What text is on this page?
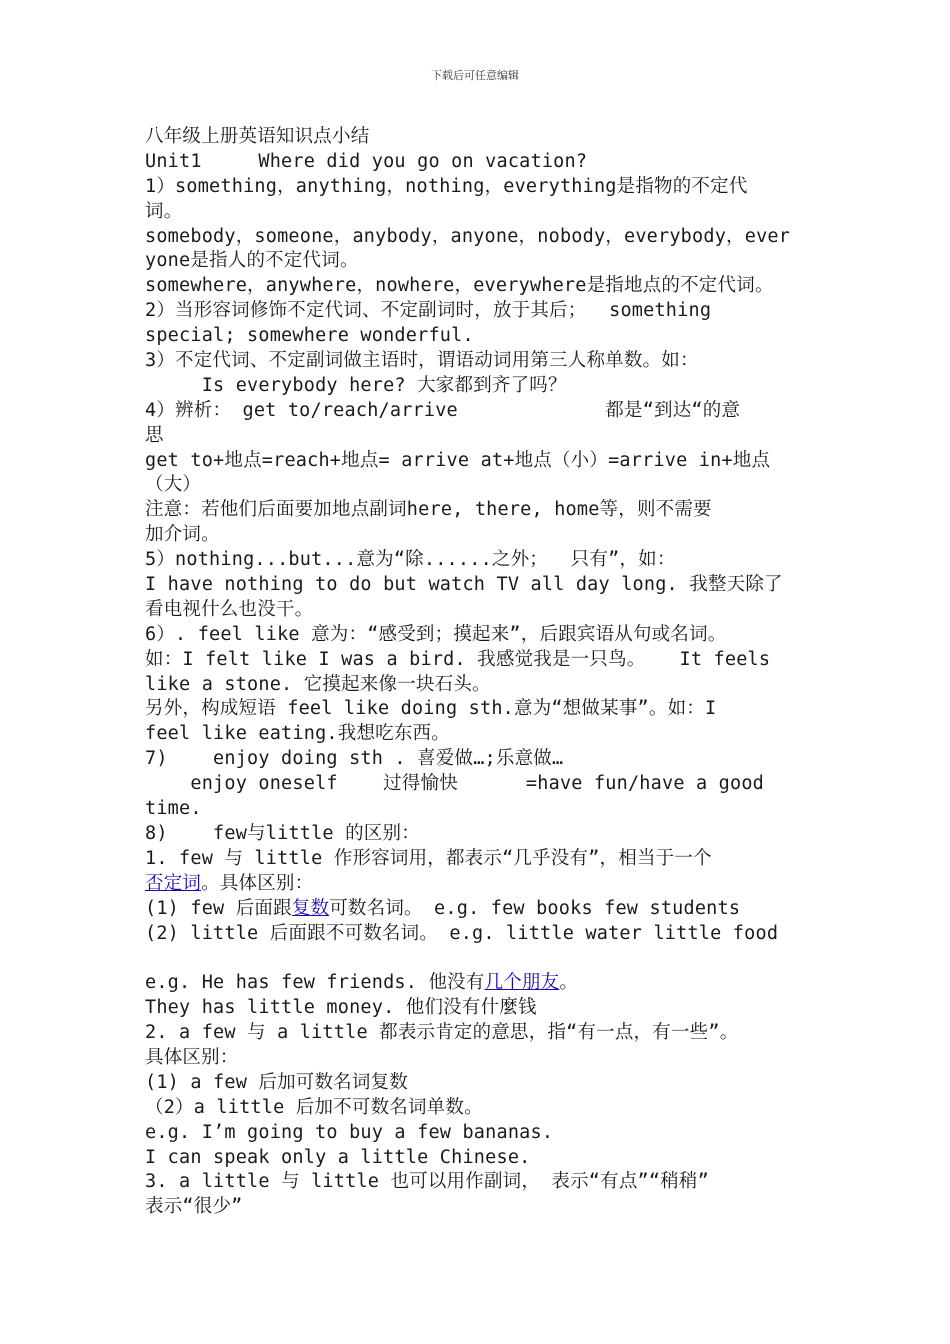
下载后可任意编辑
八年级上册英语知识点小结
Unit1     Where did you go on vacation?
1）something，anything，nothing，everything是指物的不定代
词。
somebody，someone，anybody，anyone，nobody，everybody，ever
yone是指人的不定代词。
somewhere，anywhere，nowhere，everywhere是指地点的不定代词。
2）当形容词修饰不定代词、不定副词时，放于其后；  something
special; somewhere wonderful.
3）不定代词、不定副词做主语时，谓语动词用第三人称单数。如：
Is everybody here? 大家都到齐了吗？
4）辨析： get to/reach/arrive             都是“到达“的意
思
get to+地点=reach+地点= arrive at+地点（小）=arrive in+地点
（大）
注意：若他们后面要加地点副词here, there, home等，则不需要
加介词。
5）nothing...but...意为“除......之外；  只有”，如：
I have nothing to do but watch TV all day long. 我整天除了
看电视什么也没干。
6）. feel like 意为：“感受到；摸起来”，后跟宾语从句或名词。
如：I felt like I was a bird. 我感觉我是一只鸟。   It feels
like a stone. 它摸起来像一块石头。
另外，构成短语 feel like doing sth.意为“想做某事”。如：I
feel like eating.我想吃东西。
7)    enjoy doing sth . 喜爱做…;乐意做…
enjoy oneself    过得愉快      =have fun/have a good
time.
8)    few与little 的区别：
1. few 与 little 作形容词用，都表示“几乎没有”，相当于一个
否定词。具体区别：
(1) few 后面跟复数可数名词。 e.g. few books few students
(2) little 后面跟不可数名词。 e.g. little water little food
e.g. He has few friends. 他没有几个朋友。
They has little money. 他们没有什麼钱
2. a few 与 a little 都表示肯定的意思，指“有一点，有一些”。
具体区别：
(1) a few 后加可数名词复数
（2）a little 后加不可数名词单数。
e.g. I’m going to buy a few bananas.
I can speak only a little Chinese.
3. a little 与 little 也可以用作副词， 表示“有点”“稍稍”
表示“很少”
